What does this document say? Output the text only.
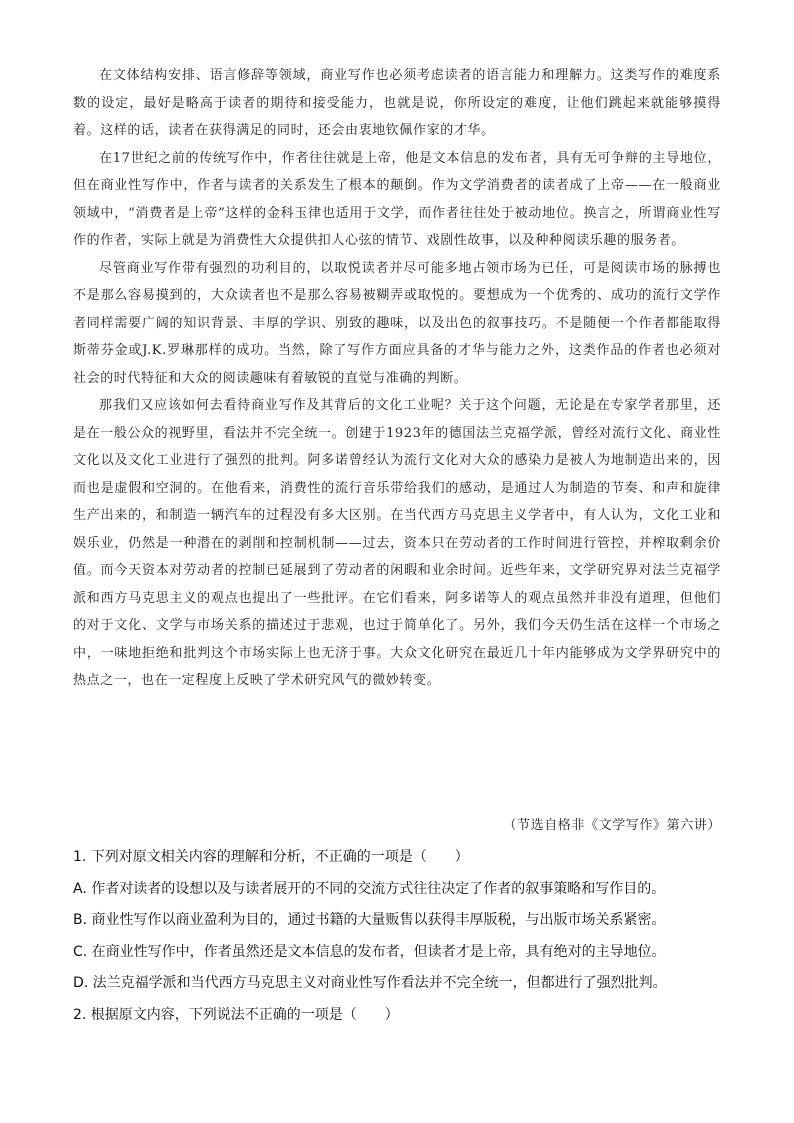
在文体结构安排、语言修辞等领域，商业写作也必须考虑读者的语言能力和理解力。这类写作的难度系数的设定，最好是略高于读者的期待和接受能力，也就是说，你所设定的难度，让他们跳起来就能够摸得着。这样的话，读者在获得满足的同时，还会由衷地钦佩作家的才华。

在17世纪之前的传统写作中，作者往往就是上帝，他是文本信息的发布者，具有无可争辩的主导地位，但在商业性写作中，作者与读者的关系发生了根本的颠倒。作为文学消费者的读者成了上帝——在一般商业领域中，“消费者是上帝”这样的金科玉律也适用于文学，而作者往往处于被动地位。换言之，所谓商业性写作的作者，实际上就是为消费性大众提供扣人心弦的情节、戏剧性故事，以及种种阅读乐趣的服务者。

尽管商业写作带有强烈的功利目的，以取悦读者并尽可能多地占领市场为已任，可是阅读市场的脉搏也不是那么容易摸到的，大众读者也不是那么容易被糊弄或取悦的。要想成为一个优秀的、成功的流行文学作者同样需要广阔的知识背景、丰厚的学识、别致的趣味，以及出色的叙事技巧。不是随便一个作者都能取得斯蒂芬金或J.K.罗琳那样的成功。当然，除了写作方面应具备的才华与能力之外，这类作品的作者也必须对社会的时代特征和大众的阅读趣味有着敏锐的直觉与准确的判断。

那我们又应该如何去看待商业写作及其背后的文化工业呢？关于这个问题，无论是在专家学者那里，还是在一般公众的视野里，看法并不完全统一。创建于1923年的德国法兰克福学派，曾经对流行文化、商业性文化以及文化工业进行了强烈的批判。阿多诺曾经认为流行文化对大众的感染力是被人为地制造出来的，因而也是虚假和空洞的。在他看来，消费性的流行音乐带给我们的感动，是通过人为制造的节奏、和声和旋律生产出来的，和制造一辆汽车的过程没有多大区别。在当代西方马克思主义学者中，有人认为，文化工业和娱乐业，仍然是一种潜在的剥削和控制机制——过去，资本只在劳动者的工作时间进行管控，并榨取剩余价值。而今天资本对劳动者的控制已延展到了劳动者的闲暇和业余时间。近些年来，文学研究界对法兰克福学派和西方马克思主义的观点也提出了一些批评。在它们看来，阿多诺等人的观点虽然并非没有道理，但他们的对于文化、文学与市场关系的描述过于悲观，也过于简单化了。另外，我们今天仍生活在这样一个市场之中，一味地拒绝和批判这个市场实际上也无济于事。大众文化研究在最近几十年内能够成为文学界研究中的热点之一，也在一定程度上反映了学术研究风气的微妙转变。

（节选自格非《文学写作》第六讲）
1. 下列对原文相关内容的理解和分析，不正确的一项是（　　）
A. 作者对读者的设想以及与读者展开的不同的交流方式往往决定了作者的叙事策略和写作目的。
B. 商业性写作以商业盈利为目的，通过书籍的大量贩售以获得丰厚版税，与出版市场关系紧密。
C. 在商业性写作中，作者虽然还是文本信息的发布者，但读者才是上帝，具有绝对的主导地位。
D. 法兰克福学派和当代西方马克思主义对商业性写作看法并不完全统一，但都进行了强烈批判。
2. 根据原文内容，下列说法不正确的一项是（　　）
